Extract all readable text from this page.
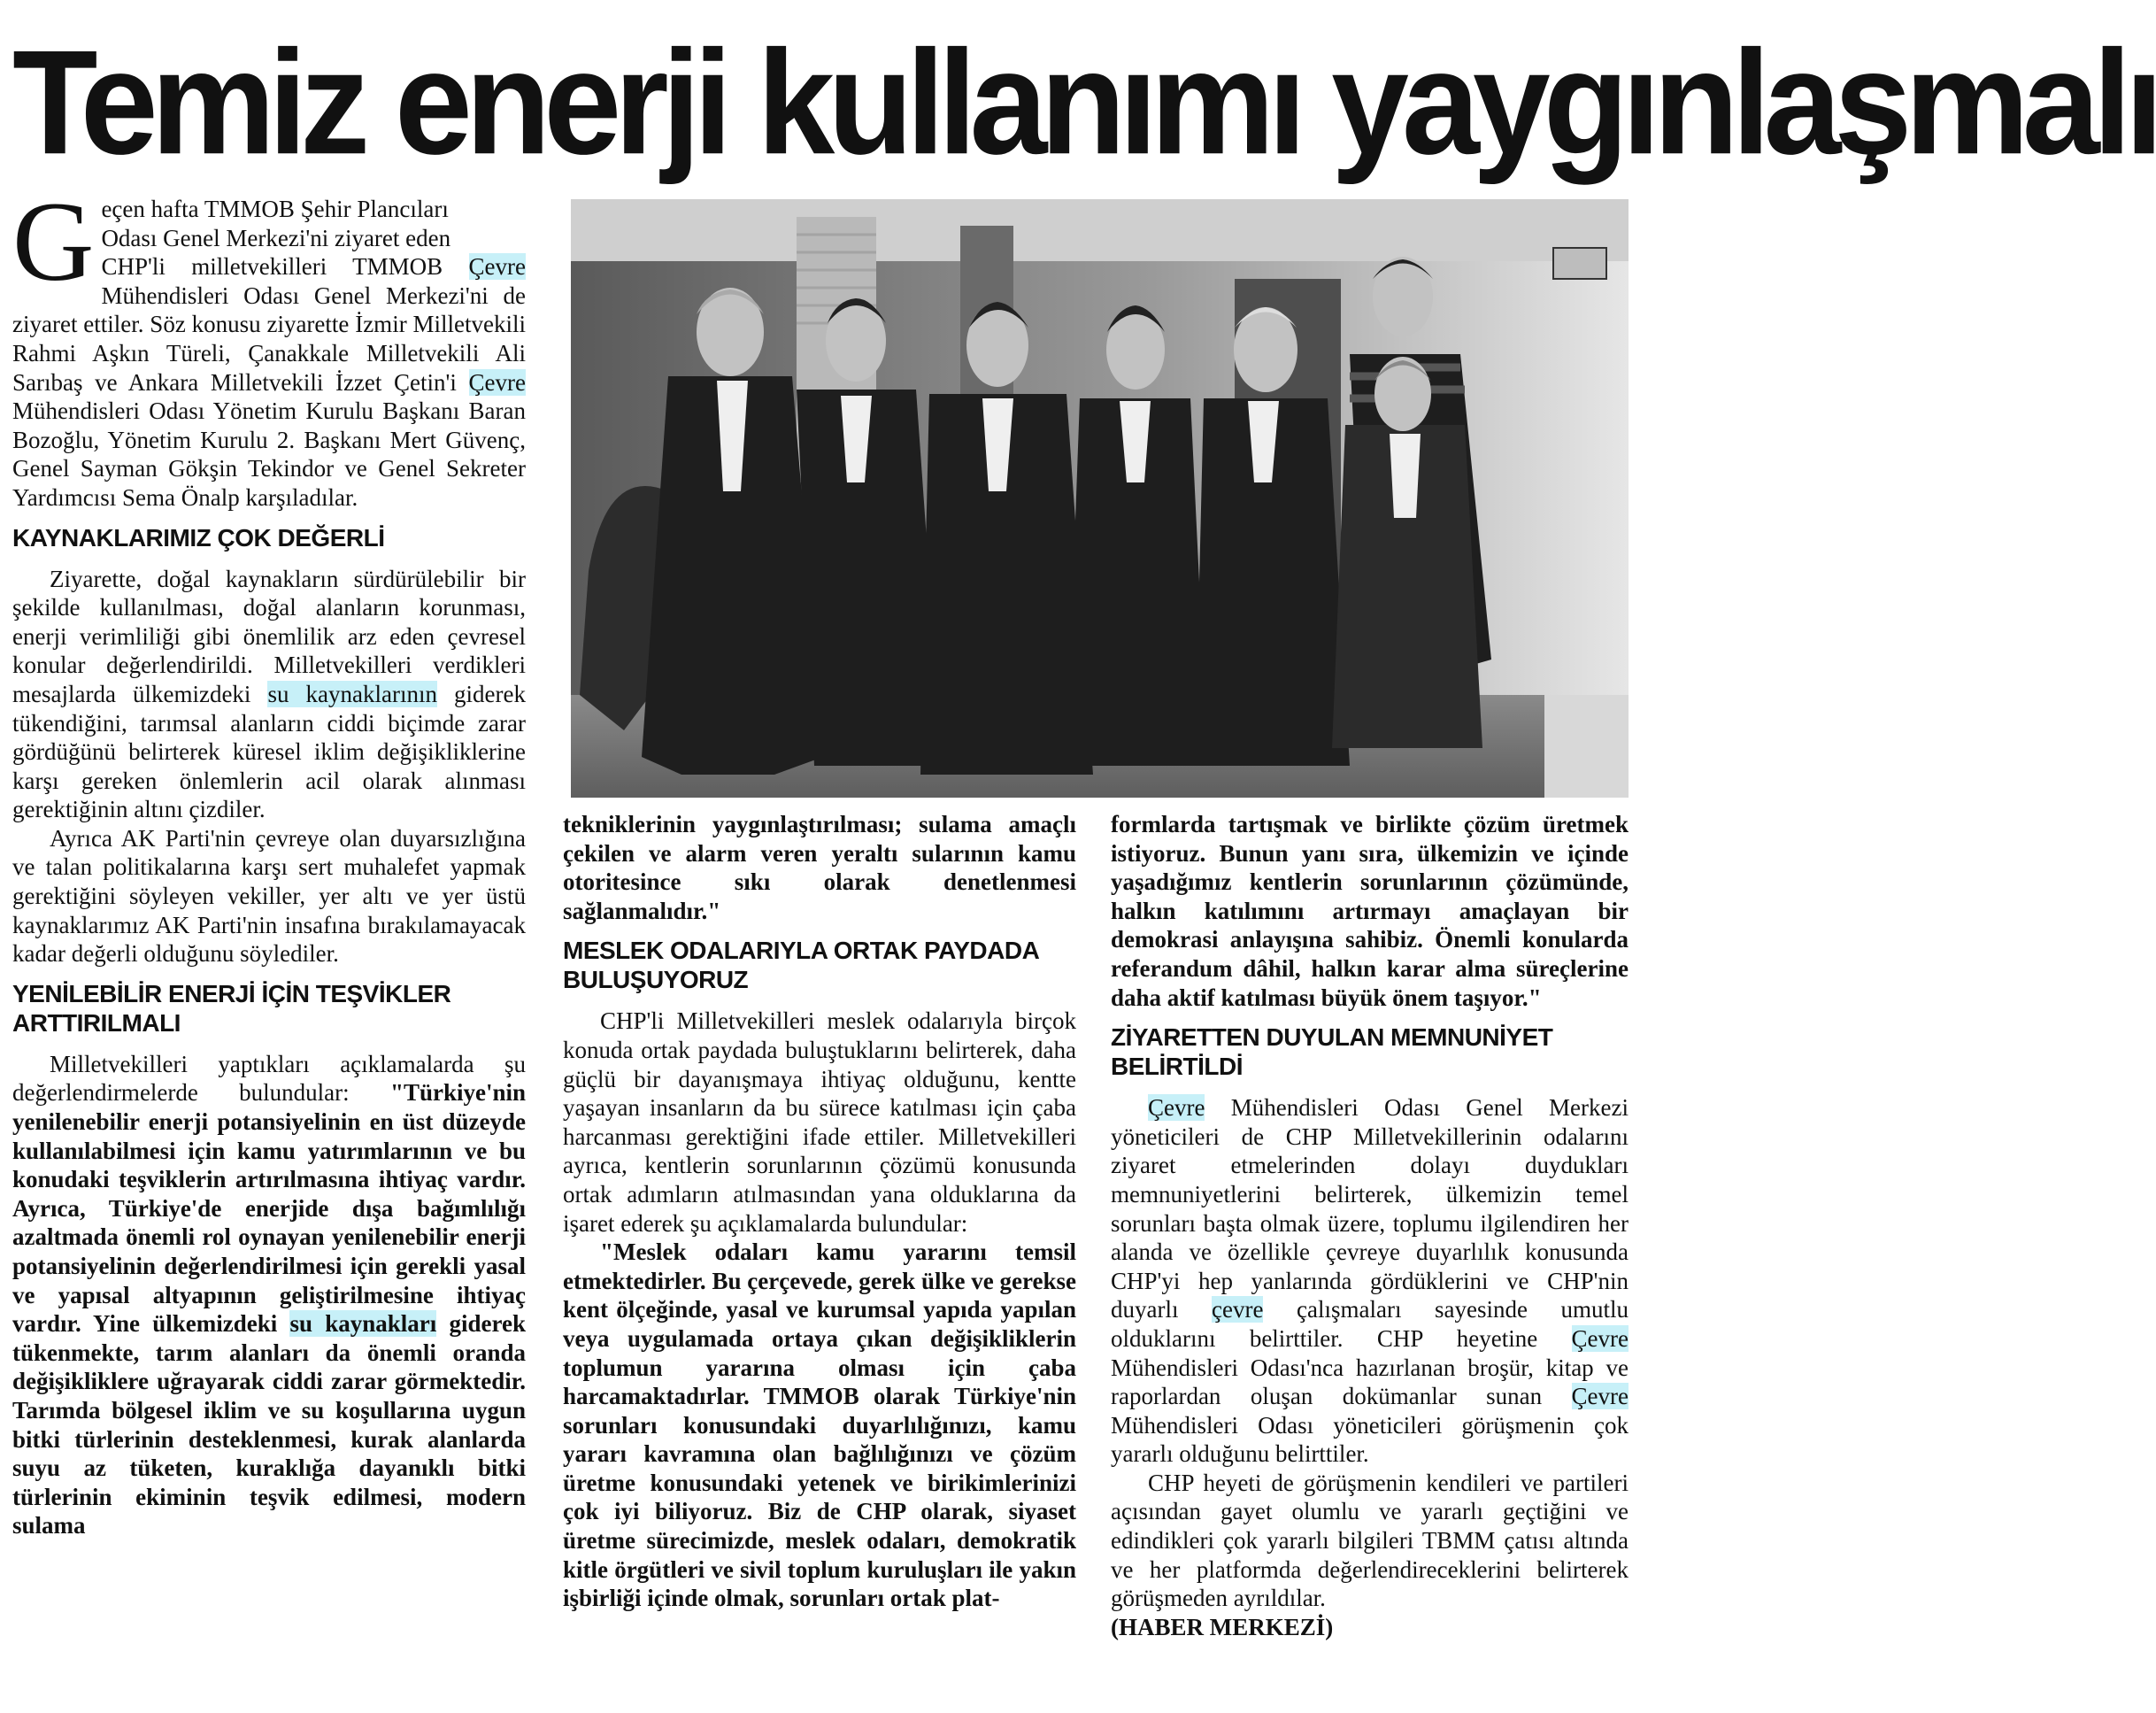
Temiz enerji kullanımı yaygınlaşmalı

Geçen hafta TMMOB Şehir Plancıları
Odası Genel Merkezi'ni ziyaret eden
CHP'li milletvekilleri TMMOB Çevre Mühendisleri Odası Genel Merkezi'ni de ziyaret ettiler. Söz konusu ziyarette İzmir Milletvekili Rahmi Aşkın Türeli, Çanakkale Milletvekili Ali Sarıbaş ve Ankara Milletvekili İzzet Çetin'i Çevre Mühendisleri Odası Yönetim Kurulu Başkanı Baran Bozoğlu, Yönetim Kurulu 2. Başkanı Mert Güvenç, Genel Sayman Gökşin Tekindor ve Genel Sekreter Yardımcısı Sema Önalp karşıladılar.

KAYNAKLARIMIZ ÇOK DEĞERLİ

Ziyarette, doğal kaynakların sürdürülebilir bir şekilde kullanılması, doğal alanların korunması, enerji verimliliği gibi önemlilik arz eden çevresel konular değerlendirildi. Milletvekilleri verdikleri mesajlarda ülkemizdeki su kaynaklarının giderek tükendiğini, tarımsal alanların ciddi biçimde zarar gördüğünü belirterek küresel iklim değişikliklerine karşı gereken önlemlerin acil olarak alınması gerektiğinin altını çizdiler.

Ayrıca AK Parti'nin çevreye olan duyarsızlığına ve talan politikalarına karşı sert muhalefet yapmak gerektiğini söyleyen vekiller, yer altı ve yer üstü kaynaklarımız AK Parti'nin insafına bırakılamayacak kadar değerli olduğunu söylediler.

YENİLEBİLİR ENERJİ İÇİN TEŞVİKLER ARTTIRILMALI

Milletvekilleri yaptıkları açıklamalarda şu değerlendirmelerde bulundular: "Türkiye'nin yenilenebilir enerji potansiyelinin en üst düzeyde kullanılabilmesi için kamu yatırımlarının ve bu konudaki teşviklerin artırılmasına ihtiyaç vardır. Ayrıca, Türkiye'de enerjide dışa bağımlılığı azaltmada önemli rol oynayan yenilenebilir enerji potansiyelinin değerlendirilmesi için gerekli yasal ve yapısal altyapının geliştirilmesine ihtiyaç vardır. Yine ülkemizdeki su kaynakları giderek tükenmekte, tarım alanları da önemli oranda değişikliklere uğrayarak ciddi zarar görmektedir. Tarımda bölgesel iklim ve su koşullarına uygun bitki türlerinin desteklenmesi, kurak alanlarda suyu az tüketen, kuraklığa dayanıklı bitki türlerinin ekiminin teşvik edilmesi, modern sulama

tekniklerinin yaygınlaştırılması; sulama amaçlı çekilen ve alarm veren yeraltı sularının kamu otoritesince sıkı olarak denetlenmesi sağlanmalıdır."

MESLEK ODALARIYLA ORTAK PAYDADA BULUŞUYORUZ

CHP'li Milletvekilleri meslek odalarıyla birçok konuda ortak paydada buluştuklarını belirterek, daha güçlü bir dayanışmaya ihtiyaç olduğunu, kentte yaşayan insanların da bu sürece katılması için çaba harcanması gerektiğini ifade ettiler. Milletvekilleri ayrıca, kentlerin sorunlarının çözümü konusunda ortak adımların atılmasından yana olduklarına da işaret ederek şu açıklamalarda bulundular:

"Meslek odaları kamu yararını temsil etmektedirler. Bu çerçevede, gerek ülke ve gerekse kent ölçeğinde, yasal ve kurumsal yapıda yapılan veya uygulamada ortaya çıkan değişikliklerin toplumun yararına olması için çaba harcamaktadırlar. TMMOB olarak Türkiye'nin sorunları konusundaki duyarlılığınızı, kamu yararı kavramına olan bağlılığınızı ve çözüm üretme konusundaki yetenek ve birikimlerinizi çok iyi biliyoruz. Biz de CHP olarak, siyaset üretme sürecimizde, meslek odaları, demokratik kitle örgütleri ve sivil toplum kuruluşları ile yakın işbirliği içinde olmak, sorunları ortak plat-

formlarda tartışmak ve birlikte çözüm üretmek istiyoruz. Bunun yanı sıra, ülkemizin ve içinde yaşadığımız kentlerin sorunlarının çözümünde, halkın katılımını artırmayı amaçlayan bir demokrasi anlayışına sahibiz. Önemli konularda referandum dâhil, halkın karar alma süreçlerine daha aktif katılması büyük önem taşıyor."

ZİYARETTEN DUYULAN MEMNUNİYET BELİRTİLDİ

Çevre Mühendisleri Odası Genel Merkezi yöneticileri de CHP Milletvekillerinin odalarını ziyaret etmelerinden dolayı duydukları memnuniyetlerini belirterek, ülkemizin temel sorunları başta olmak üzere, toplumu ilgilendiren her alanda ve özellikle çevreye duyarlılık konusunda CHP'yi hep yanlarında gördüklerini ve CHP'nin duyarlı çevre çalışmaları sayesinde umutlu olduklarını belirttiler. CHP heyetine Çevre Mühendisleri Odası'nca hazırlanan broşür, kitap ve raporlardan oluşan dokümanlar sunan Çevre Mühendisleri Odası yöneticileri görüşmenin çok yararlı olduğunu belirttiler.

CHP heyeti de görüşmenin kendileri ve partileri açısından gayet olumlu ve yararlı geçtiğini ve edindikleri çok yararlı bilgileri TBMM çatısı altında ve her platformda değerlendireceklerini belirterek görüşmeden ayrıldılar.

(HABER MERKEZİ)
